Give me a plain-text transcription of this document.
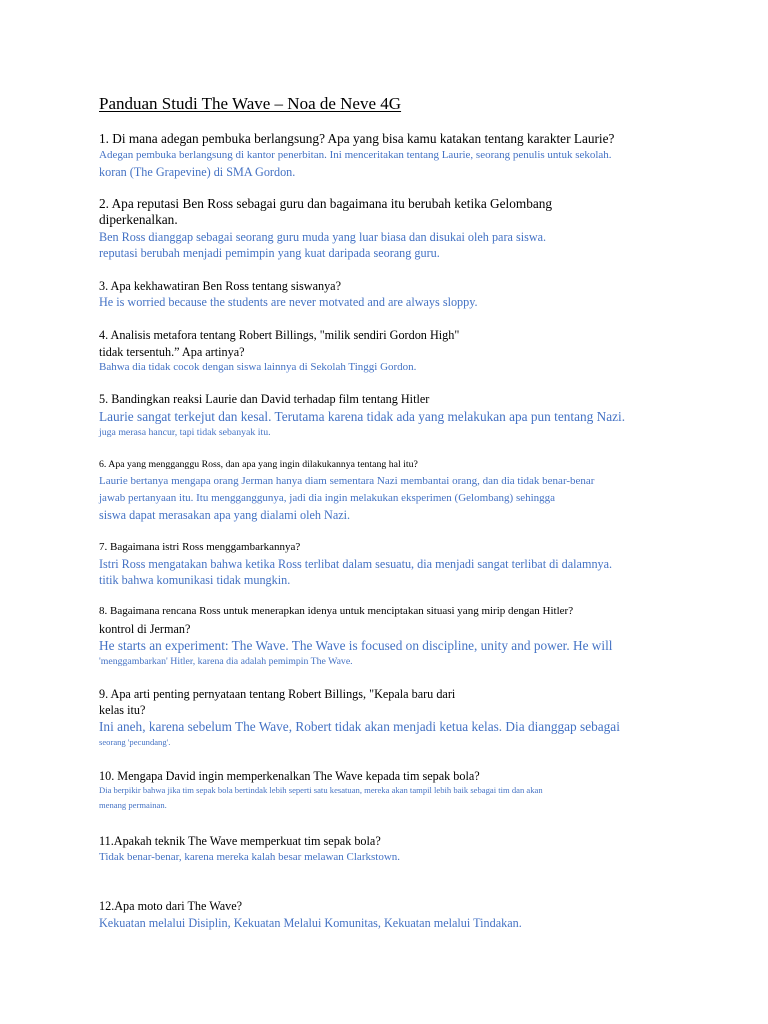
Panduan Studi The Wave – Noa de Neve 4G
1. Di mana adegan pembuka berlangsung? Apa yang bisa kamu katakan tentang karakter Laurie?
Adegan pembuka berlangsung di kantor penerbitan. Ini menceritakan tentang Laurie, seorang penulis untuk sekolah.
koran (The Grapevine) di SMA Gordon.
2. Apa reputasi Ben Ross sebagai guru dan bagaimana itu berubah ketika Gelombang
diperkenalkan.
Ben Ross dianggap sebagai seorang guru muda yang luar biasa dan disukai oleh para siswa.
reputasi berubah menjadi pemimpin yang kuat daripada seorang guru.
3. Apa kekhawatiran Ben Ross tentang siswanya?
He is worried because the students are never motvated and are always sloppy.
4. Analisis metafora tentang Robert Billings, "milik sendiri Gordon High"
tidak tersentuh.” Apa artinya?
Bahwa dia tidak cocok dengan siswa lainnya di Sekolah Tinggi Gordon.
5. Bandingkan reaksi Laurie dan David terhadap film tentang Hitler
Laurie sangat terkejut dan kesal. Terutama karena tidak ada yang melakukan apa pun tentang Nazi.
juga merasa hancur, tapi tidak sebanyak itu.
6. Apa yang mengganggu Ross, dan apa yang ingin dilakukannya tentang hal itu?
Laurie bertanya mengapa orang Jerman hanya diam sementara Nazi membantai orang, dan dia tidak benar-benar
jawab pertanyaan itu. Itu mengganggunya, jadi dia ingin melakukan eksperimen (Gelombang) sehingga
siswa dapat merasakan apa yang dialami oleh Nazi.
7. Bagaimana istri Ross menggambarkannya?
Istri Ross mengatakan bahwa ketika Ross terlibat dalam sesuatu, dia menjadi sangat terlibat di dalamnya.
titik bahwa komunikasi tidak mungkin.
8. Bagaimana rencana Ross untuk menerapkan idenya untuk menciptakan situasi yang mirip dengan Hitler?
kontrol di Jerman?
He starts an experiment: The Wave. The Wave is focused on discipline, unity and power. He will
'menggambarkan' Hitler, karena dia adalah pemimpin The Wave.
9. Apa arti penting pernyataan tentang Robert Billings, "Kepala baru dari
kelas itu?
Ini aneh, karena sebelum The Wave, Robert tidak akan menjadi ketua kelas. Dia dianggap sebagai
seorang 'pecundang'.
10. Mengapa David ingin memperkenalkan The Wave kepada tim sepak bola?
Dia berpikir bahwa jika tim sepak bola bertindak lebih seperti satu kesatuan, mereka akan tampil lebih baik sebagai tim dan akan
menang permainan.
11.Apakah teknik The Wave memperkuat tim sepak bola?
Tidak benar-benar, karena mereka kalah besar melawan Clarkstown.
12.Apa moto dari The Wave?
Kekuatan melalui Disiplin, Kekuatan Melalui Komunitas, Kekuatan melalui Tindakan.
